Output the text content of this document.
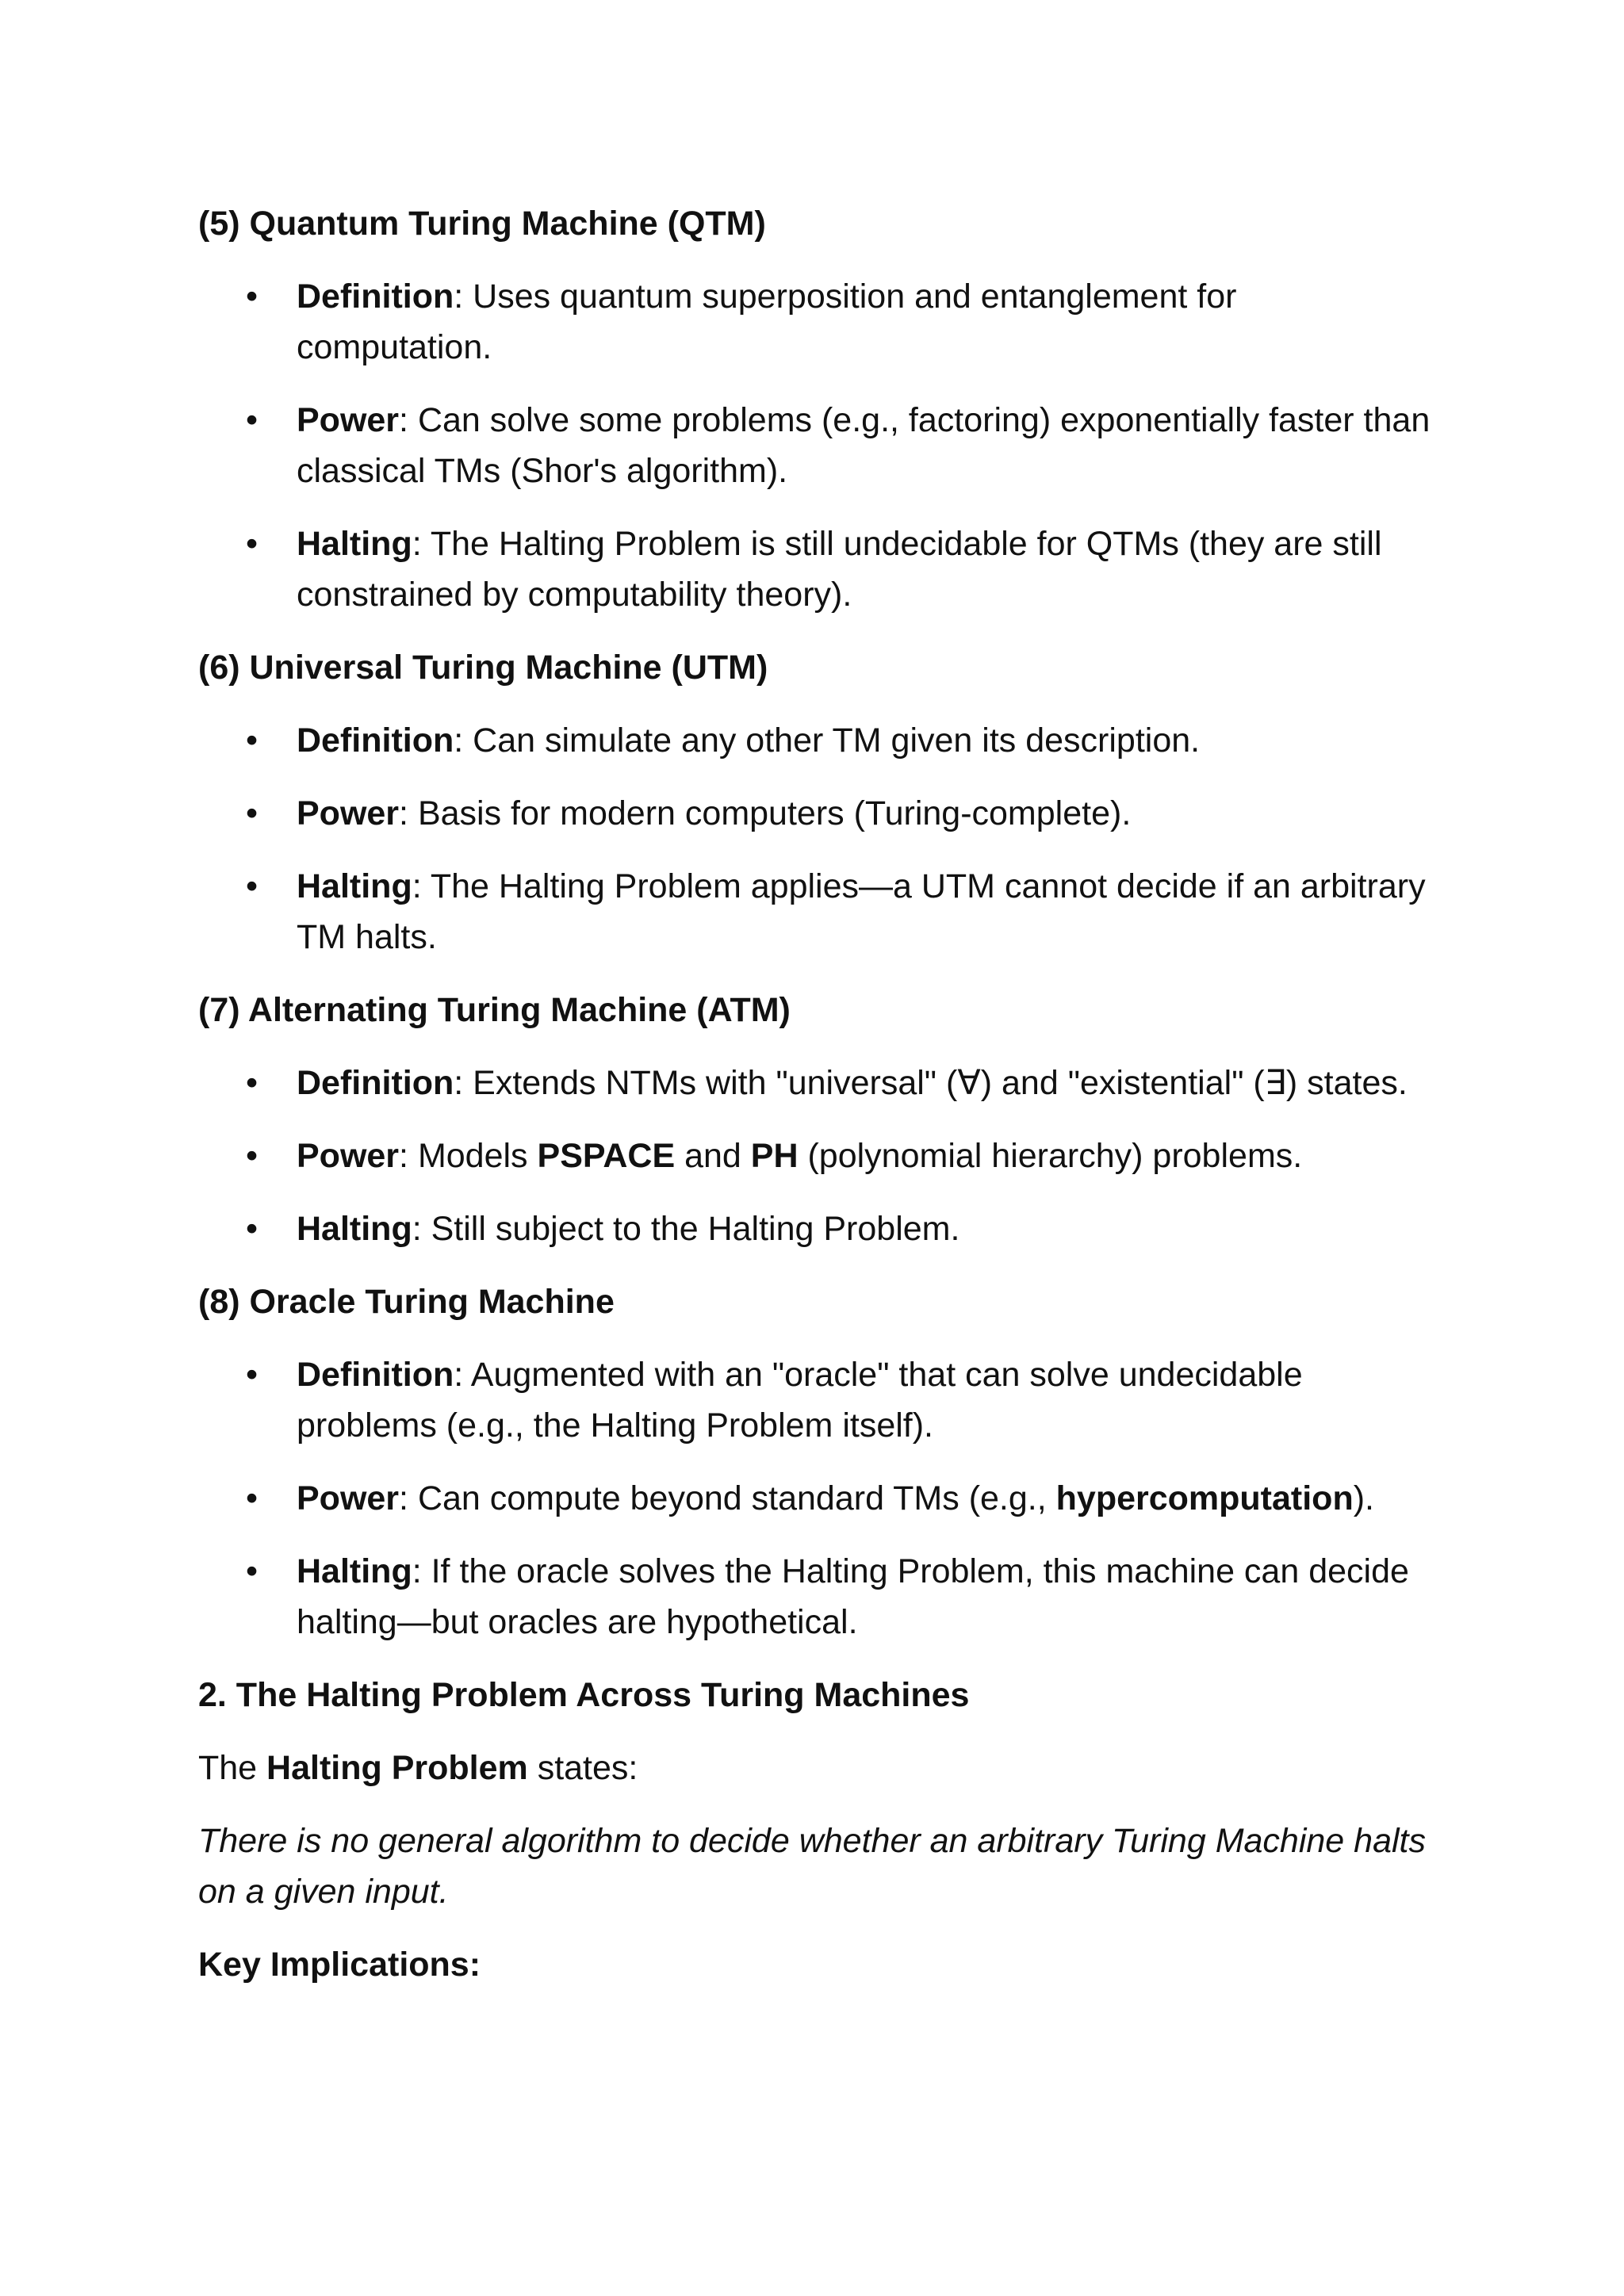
(5) Quantum Turing Machine (QTM)
• Definition: Uses quantum superposition and entanglement for computation.
• Power: Can solve some problems (e.g., factoring) exponentially faster than classical TMs (Shor's algorithm).
• Halting: The Halting Problem is still undecidable for QTMs (they are still constrained by computability theory).
(6) Universal Turing Machine (UTM)
• Definition: Can simulate any other TM given its description.
• Power: Basis for modern computers (Turing-complete).
• Halting: The Halting Problem applies—a UTM cannot decide if an arbitrary TM halts.
(7) Alternating Turing Machine (ATM)
• Definition: Extends NTMs with "universal" (∀) and "existential" (∃) states.
• Power: Models PSPACE and PH (polynomial hierarchy) problems.
• Halting: Still subject to the Halting Problem.
(8) Oracle Turing Machine
• Definition: Augmented with an "oracle" that can solve undecidable problems (e.g., the Halting Problem itself).
• Power: Can compute beyond standard TMs (e.g., hypercomputation).
• Halting: If the oracle solves the Halting Problem, this machine can decide halting—but oracles are hypothetical.
2. The Halting Problem Across Turing Machines

The Halting Problem states:

There is no general algorithm to decide whether an arbitrary Turing Machine halts on a given input.

Key Implications:
